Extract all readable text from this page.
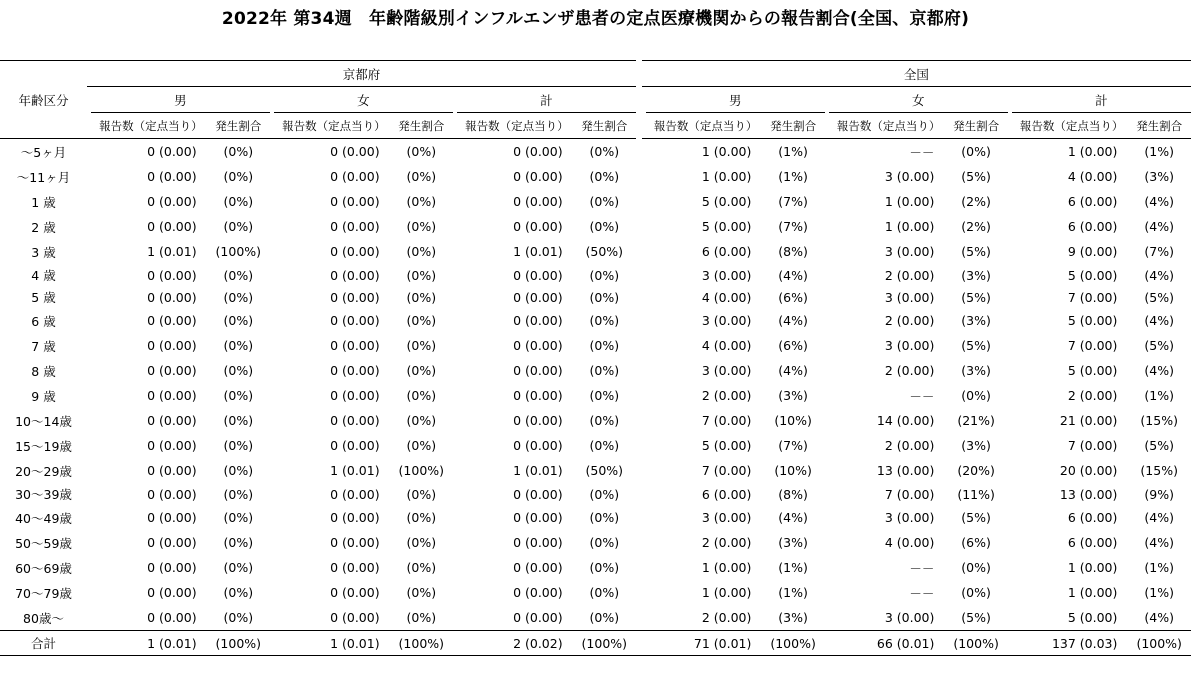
2022年 第34週　年齢階級別インフルエンザ患者の定点医療機関からの報告割合(全国、京都府)
年齢区分	京都府										全国								
		男			女			計				男			女			計	
		報告数（定点当り）	発生割合		報告数（定点当り）	発生割合		報告数（定点当り）	発生割合			報告数（定点当り）	発生割合		報告数（定点当り）	発生割合		報告数（定点当り）	発生割合
〜5ヶ月		0 (0.00)	(0%)		0 (0.00)	(0%)		0 (0.00)	(0%)			1 (0.00)	(1%)		－－	(0%)		1 (0.00)	(1%)
〜11ヶ月		0 (0.00)	(0%)		0 (0.00)	(0%)		0 (0.00)	(0%)			1 (0.00)	(1%)		3 (0.00)	(5%)		4 (0.00)	(3%)
1 歳		0 (0.00)	(0%)		0 (0.00)	(0%)		0 (0.00)	(0%)			5 (0.00)	(7%)		1 (0.00)	(2%)		6 (0.00)	(4%)
2 歳		0 (0.00)	(0%)		0 (0.00)	(0%)		0 (0.00)	(0%)			5 (0.00)	(7%)		1 (0.00)	(2%)		6 (0.00)	(4%)
3 歳		1 (0.01)	(100%)		0 (0.00)	(0%)		1 (0.01)	(50%)			6 (0.00)	(8%)		3 (0.00)	(5%)		9 (0.00)	(7%)
4 歳		0 (0.00)	(0%)		0 (0.00)	(0%)		0 (0.00)	(0%)			3 (0.00)	(4%)		2 (0.00)	(3%)		5 (0.00)	(4%)
5 歳		0 (0.00)	(0%)		0 (0.00)	(0%)		0 (0.00)	(0%)			4 (0.00)	(6%)		3 (0.00)	(5%)		7 (0.00)	(5%)
6 歳		0 (0.00)	(0%)		0 (0.00)	(0%)		0 (0.00)	(0%)			3 (0.00)	(4%)		2 (0.00)	(3%)		5 (0.00)	(4%)
7 歳		0 (0.00)	(0%)		0 (0.00)	(0%)		0 (0.00)	(0%)			4 (0.00)	(6%)		3 (0.00)	(5%)		7 (0.00)	(5%)
8 歳		0 (0.00)	(0%)		0 (0.00)	(0%)		0 (0.00)	(0%)			3 (0.00)	(4%)		2 (0.00)	(3%)		5 (0.00)	(4%)
9 歳		0 (0.00)	(0%)		0 (0.00)	(0%)		0 (0.00)	(0%)			2 (0.00)	(3%)		－－	(0%)		2 (0.00)	(1%)
10〜14歳		0 (0.00)	(0%)		0 (0.00)	(0%)		0 (0.00)	(0%)			7 (0.00)	(10%)		14 (0.00)	(21%)		21 (0.00)	(15%)
15〜19歳		0 (0.00)	(0%)		0 (0.00)	(0%)		0 (0.00)	(0%)			5 (0.00)	(7%)		2 (0.00)	(3%)		7 (0.00)	(5%)
20〜29歳		0 (0.00)	(0%)		1 (0.01)	(100%)		1 (0.01)	(50%)			7 (0.00)	(10%)		13 (0.00)	(20%)		20 (0.00)	(15%)
30〜39歳		0 (0.00)	(0%)		0 (0.00)	(0%)		0 (0.00)	(0%)			6 (0.00)	(8%)		7 (0.00)	(11%)		13 (0.00)	(9%)
40〜49歳		0 (0.00)	(0%)		0 (0.00)	(0%)		0 (0.00)	(0%)			3 (0.00)	(4%)		3 (0.00)	(5%)		6 (0.00)	(4%)
50〜59歳		0 (0.00)	(0%)		0 (0.00)	(0%)		0 (0.00)	(0%)			2 (0.00)	(3%)		4 (0.00)	(6%)		6 (0.00)	(4%)
60〜69歳		0 (0.00)	(0%)		0 (0.00)	(0%)		0 (0.00)	(0%)			1 (0.00)	(1%)		－－	(0%)		1 (0.00)	(1%)
70〜79歳		0 (0.00)	(0%)		0 (0.00)	(0%)		0 (0.00)	(0%)			1 (0.00)	(1%)		－－	(0%)		1 (0.00)	(1%)
80歳〜		0 (0.00)	(0%)		0 (0.00)	(0%)		0 (0.00)	(0%)			2 (0.00)	(3%)		3 (0.00)	(5%)		5 (0.00)	(4%)
合計		1 (0.01)	(100%)		1 (0.01)	(100%)		2 (0.02)	(100%)			71 (0.01)	(100%)		66 (0.01)	(100%)		137 (0.03)	(100%)
